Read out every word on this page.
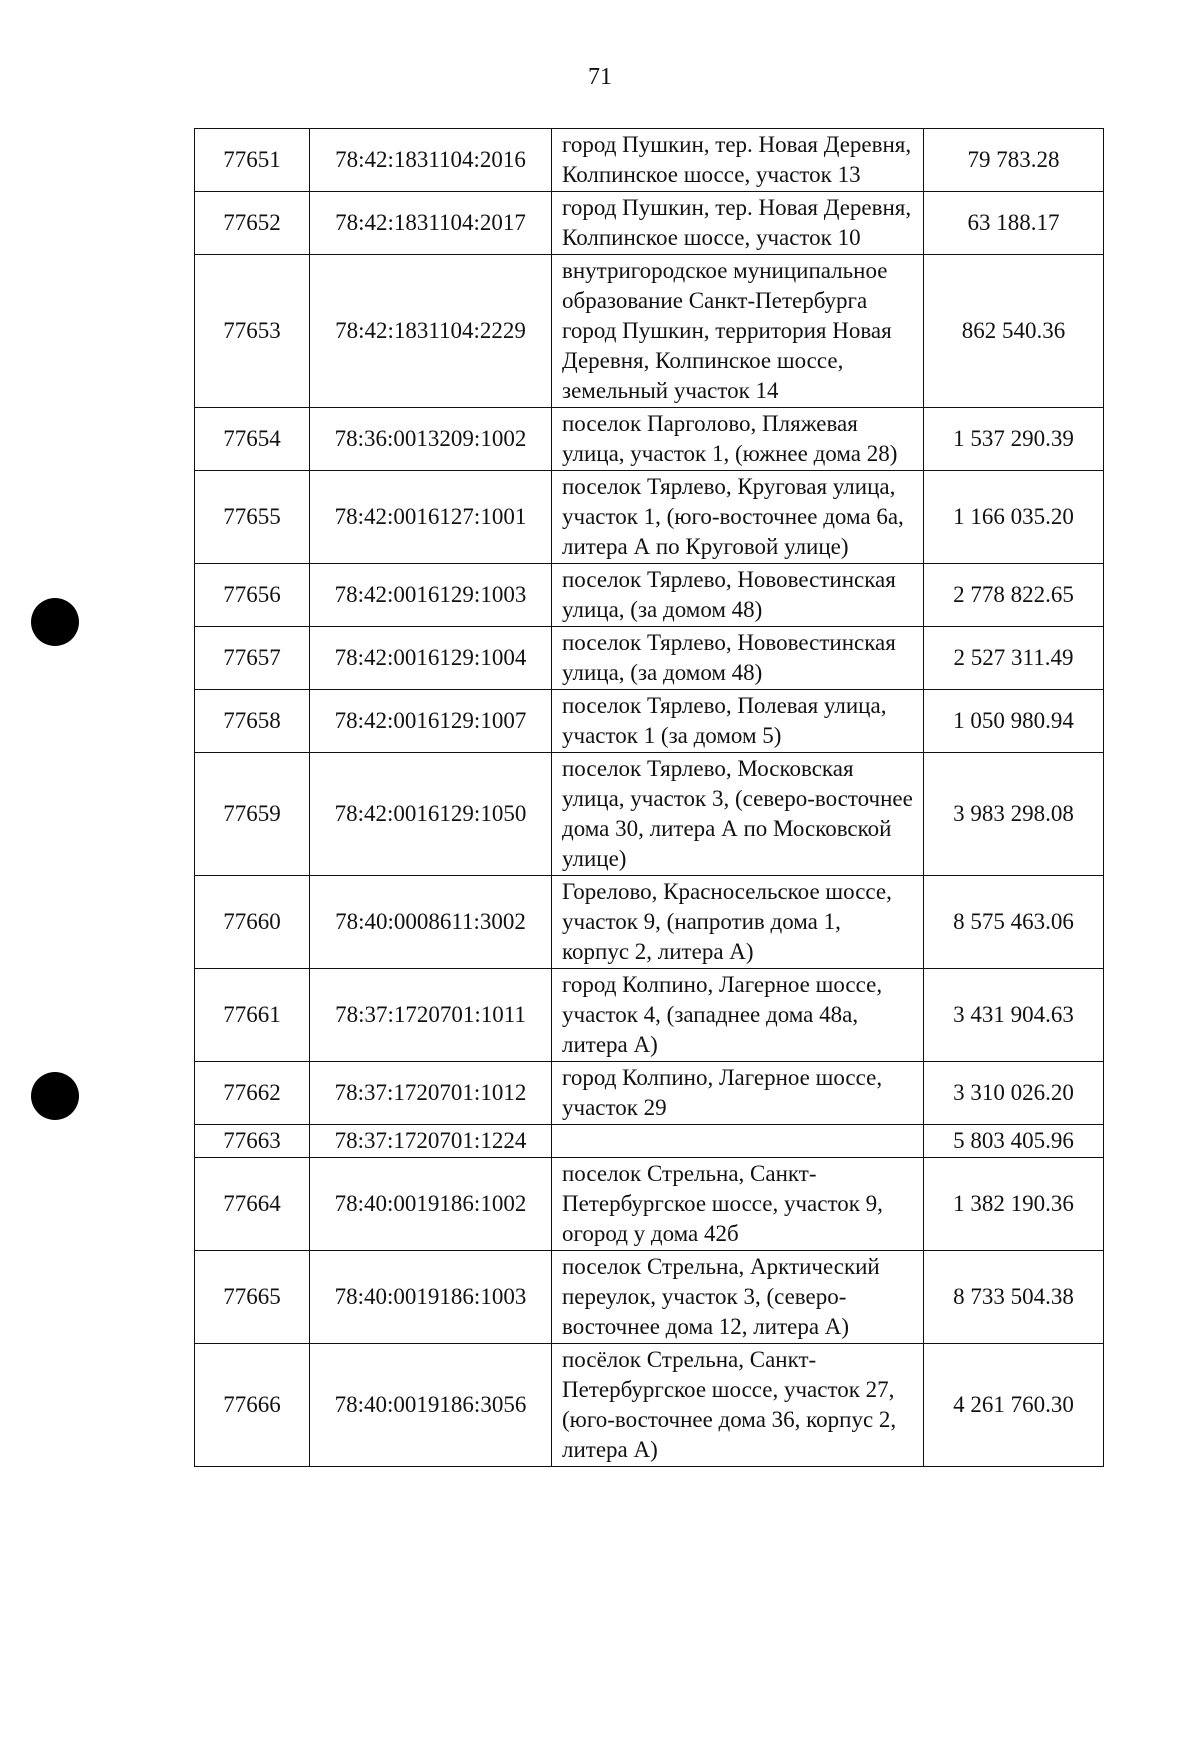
71
77651	78:42:1831104:2016	город Пушкин, тер. Новая Деревня, Колпинское шоссе, участок 13	79 783.28
77652	78:42:1831104:2017	город Пушкин, тер. Новая Деревня, Колпинское шоссе, участок 10	63 188.17
77653	78:42:1831104:2229	внутригородское муниципальное образование Санкт-Петербурга город Пушкин, территория Новая Деревня, Колпинское шоссе, земельный участок 14	862 540.36
77654	78:36:0013209:1002	поселок Парголово, Пляжевая улица, участок 1, (южнее дома 28)	1 537 290.39
77655	78:42:0016127:1001	поселок Тярлево, Круговая улица, участок 1, (юго-восточнее дома 6а, литера А по Круговой улице)	1 166 035.20
77656	78:42:0016129:1003	поселок Тярлево, Нововестинская улица, (за домом 48)	2 778 822.65
77657	78:42:0016129:1004	поселок Тярлево, Нововестинская улица, (за домом 48)	2 527 311.49
77658	78:42:0016129:1007	поселок Тярлево, Полевая улица, участок 1 (за домом 5)	1 050 980.94
77659	78:42:0016129:1050	поселок Тярлево, Московская улица, участок 3, (северо-восточнее дома 30, литера А по Московской улице)	3 983 298.08
77660	78:40:0008611:3002	Горелово, Красносельское шоссе, участок 9, (напротив дома 1, корпус 2, литера А)	8 575 463.06
77661	78:37:1720701:1011	город Колпино, Лагерное шоссе, участок 4, (западнее дома 48а, литера А)	3 431 904.63
77662	78:37:1720701:1012	город Колпино, Лагерное шоссе, участок 29	3 310 026.20
77663	78:37:1720701:1224		5 803 405.96
77664	78:40:0019186:1002	поселок Стрельна, Санкт-Петербургское шоссе, участок 9, огород у дома 42б	1 382 190.36
77665	78:40:0019186:1003	поселок Стрельна, Арктический переулок, участок 3, (северо-восточнее дома 12, литера А)	8 733 504.38
77666	78:40:0019186:3056	посёлок Стрельна, Санкт-Петербургское шоссе, участок 27, (юго-восточнее дома 36, корпус 2, литера А)	4 261 760.30
